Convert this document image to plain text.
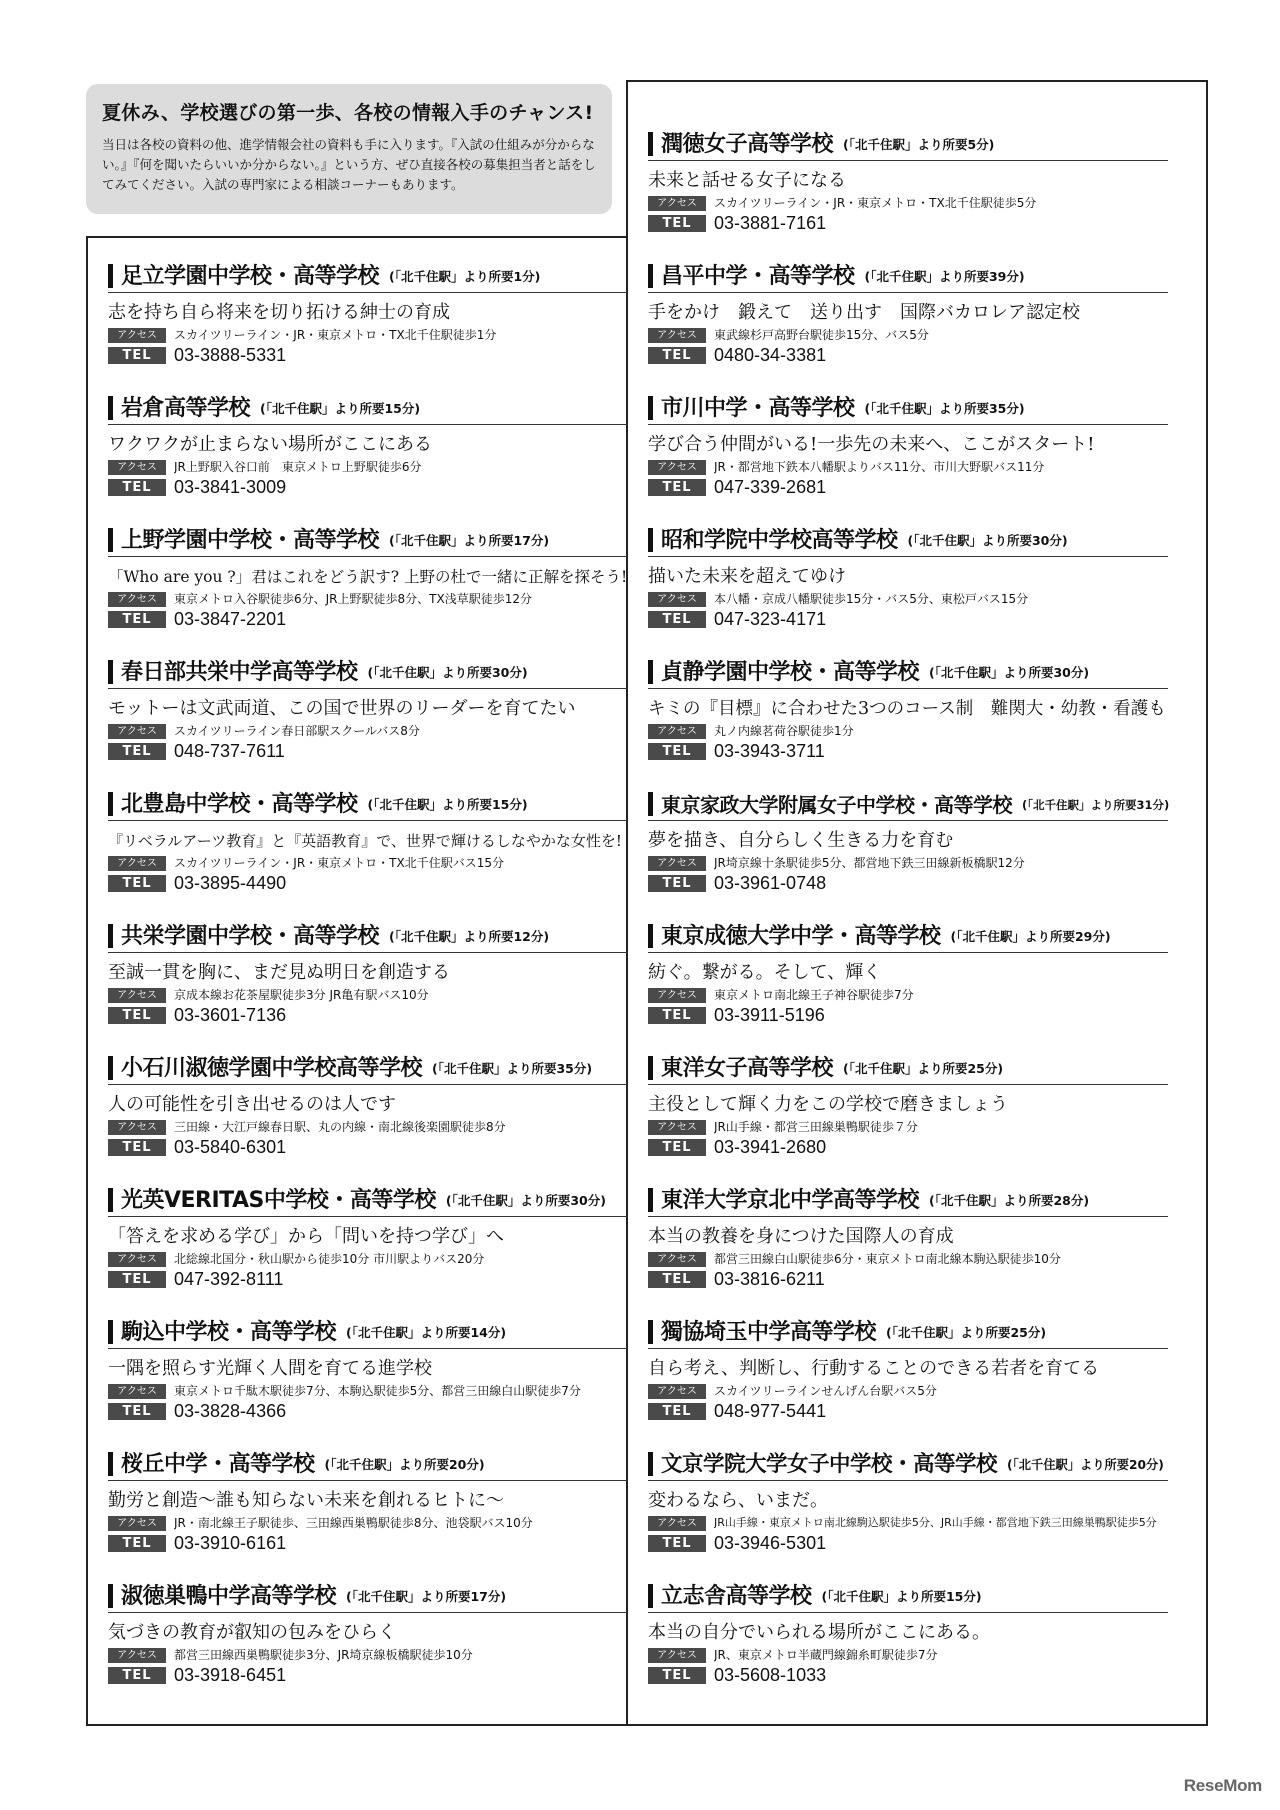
夏休み、学校選びの第一歩、各校の情報入手のチャンス!
当日は各校の資料の他、進学情報会社の資料も手に入ります。『入試の仕組みが分からない。』『何を聞いたらいいか分からない。』という方、ぜひ直接各校の募集担当者と話をしてみてください。入試の専門家による相談コーナーもあります。
足立学園中学校・高等学校 (「北千住駅」より所要1分)
志を持ち自ら将来を切り拓ける紳士の育成
アクセス	スカイツリーライン・JR・東京メトロ・TX北千住駅徒歩1分
TEL	03-3888-5331
岩倉高等学校 (「北千住駅」より所要15分)
ワクワクが止まらない場所がここにある
アクセス	JR上野駅入谷口前　東京メトロ上野駅徒歩6分
TEL	03-3841-3009
上野学園中学校・高等学校 (「北千住駅」より所要17分)
「Who are you ?」君はこれをどう訳す? 上野の杜で一緒に正解を探そう!
アクセス	東京メトロ入谷駅徒歩6分、JR上野駅徒歩8分、TX浅草駅徒歩12分
TEL	03-3847-2201
春日部共栄中学高等学校 (「北千住駅」より所要30分)
モットーは文武両道、この国で世界のリーダーを育てたい
アクセス	スカイツリーライン春日部駅スクールバス8分
TEL	048-737-7611
北豊島中学校・高等学校 (「北千住駅」より所要15分)
『リベラルアーツ教育』と『英語教育』で、世界で輝けるしなやかな女性を!
アクセス	スカイツリーライン・JR・東京メトロ・TX北千住駅バス15分
TEL	03-3895-4490
共栄学園中学校・高等学校 (「北千住駅」より所要12分)
至誠一貫を胸に、まだ見ぬ明日を創造する
アクセス	京成本線お花茶屋駅徒歩3分 JR亀有駅バス10分
TEL	03-3601-7136
小石川淑徳学園中学校高等学校 (「北千住駅」より所要35分)
人の可能性を引き出せるのは人です
アクセス	三田線・大江戸線春日駅、丸の内線・南北線後楽園駅徒歩8分
TEL	03-5840-6301
光英VERITAS中学校・高等学校 (「北千住駅」より所要30分)
「答えを求める学び」から「問いを持つ学び」へ
アクセス	北総線北国分・秋山駅から徒歩10分 市川駅よりバス20分
TEL	047-392-8111
駒込中学校・高等学校 (「北千住駅」より所要14分)
一隅を照らす光輝く人間を育てる進学校
アクセス	東京メトロ千駄木駅徒歩7分、本駒込駅徒歩5分、都営三田線白山駅徒歩7分
TEL	03-3828-4366
桜丘中学・高等学校 (「北千住駅」より所要20分)
勤労と創造〜誰も知らない未来を創れるヒトに〜
アクセス	JR・南北線王子駅徒歩、三田線西巣鴨駅徒歩8分、池袋駅バス10分
TEL	03-3910-6161
淑徳巣鴨中学高等学校 (「北千住駅」より所要17分)
気づきの教育が叡知の包みをひらく
アクセス	都営三田線西巣鴨駅徒歩3分、JR埼京線板橋駅徒歩10分
TEL	03-3918-6451
潤徳女子高等学校 (「北千住駅」より所要5分)
未来と話せる女子になる
アクセス	スカイツリーライン・JR・東京メトロ・TX北千住駅徒歩5分
TEL	03-3881-7161
昌平中学・高等学校 (「北千住駅」より所要39分)
手をかけ　鍛えて　送り出す　国際バカロレア認定校
アクセス	東武線杉戸高野台駅徒歩15分、バス5分
TEL	0480-34-3381
市川中学・高等学校 (「北千住駅」より所要35分)
学び合う仲間がいる!一歩先の未来へ、ここがスタート!
アクセス	JR・都営地下鉄本八幡駅よりバス11分、市川大野駅バス11分
TEL	047-339-2681
昭和学院中学校高等学校 (「北千住駅」より所要30分)
描いた未来を超えてゆけ
アクセス	本八幡・京成八幡駅徒歩15分・バス5分、東松戸バス15分
TEL	047-323-4171
貞静学園中学校・高等学校 (「北千住駅」より所要30分)
キミの『目標』に合わせた3つのコース制　難関大・幼教・看護も
アクセス	丸ノ内線茗荷谷駅徒歩1分
TEL	03-3943-3711
東京家政大学附属女子中学校・高等学校 (「北千住駅」より所要31分)
夢を描き、自分らしく生きる力を育む
アクセス	JR埼京線十条駅徒歩5分、都営地下鉄三田線新板橋駅12分
TEL	03-3961-0748
東京成徳大学中学・高等学校 (「北千住駅」より所要29分)
紡ぐ。繋がる。そして、輝く
アクセス	東京メトロ南北線王子神谷駅徒歩7分
TEL	03-3911-5196
東洋女子高等学校 (「北千住駅」より所要25分)
主役として輝く力をこの学校で磨きましょう
アクセス	JR山手線・都営三田線巣鴨駅徒歩７分
TEL	03-3941-2680
東洋大学京北中学高等学校 (「北千住駅」より所要28分)
本当の教養を身につけた国際人の育成
アクセス	都営三田線白山駅徒歩6分・東京メトロ南北線本駒込駅徒歩10分
TEL	03-3816-6211
獨協埼玉中学高等学校 (「北千住駅」より所要25分)
自ら考え、判断し、行動することのできる若者を育てる
アクセス	スカイツリーラインせんげん台駅バス5分
TEL	048-977-5441
文京学院大学女子中学校・高等学校 (「北千住駅」より所要20分)
変わるなら、いまだ。
アクセス	JR山手線・東京メトロ南北線駒込駅徒歩5分、JR山手線・都営地下鉄三田線巣鴨駅徒歩5分
TEL	03-3946-5301
立志舎高等学校 (「北千住駅」より所要15分)
本当の自分でいられる場所がここにある。
アクセス	JR、東京メトロ半蔵門線錦糸町駅徒歩7分
TEL	03-5608-1033
ReseMom
